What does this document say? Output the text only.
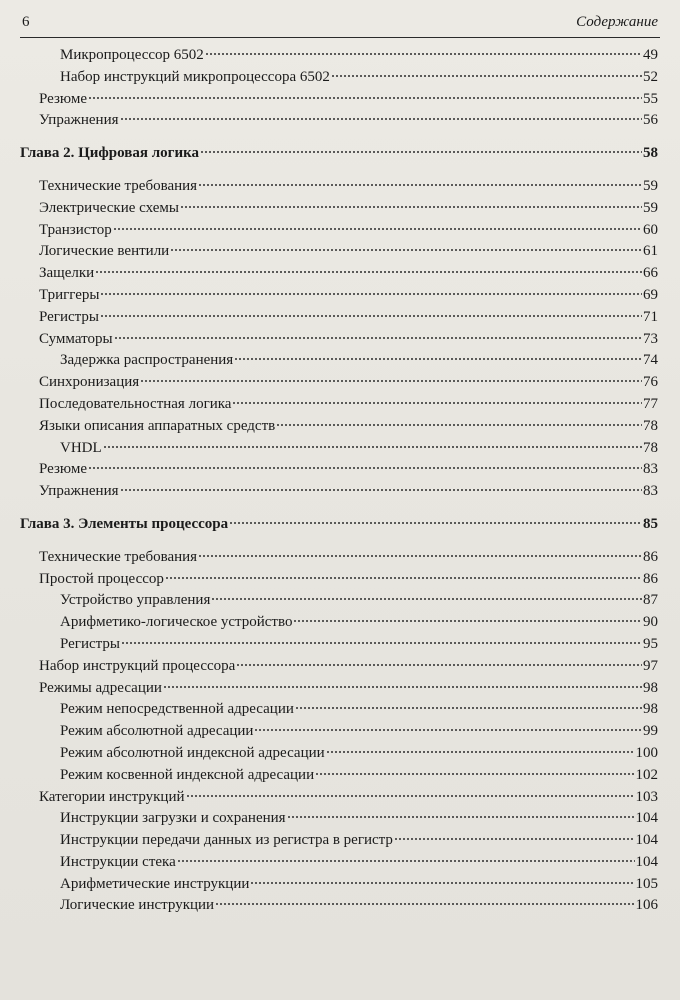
6	Содержание
Микропроцессор 6502	49
Набор инструкций микропроцессора 6502	52
Резюме	55
Упражнения	56
Глава 2. Цифровая логика	58
Технические требования	59
Электрические схемы	59
Транзистор	60
Логические вентили	61
Защелки	66
Триггеры	69
Регистры	71
Сумматоры	73
Задержка распространения	74
Синхронизация	76
Последовательностная логика	77
Языки описания аппаратных средств	78
VHDL	78
Резюме	83
Упражнения	83
Глава 3. Элементы процессора	85
Технические требования	86
Простой процессор	86
Устройство управления	87
Арифметико-логическое устройство	90
Регистры	95
Набор инструкций процессора	97
Режимы адресации	98
Режим непосредственной адресации	98
Режим абсолютной адресации	99
Режим абсолютной индексной адресации	100
Режим косвенной индексной адресации	102
Категории инструкций	103
Инструкции загрузки и сохранения	104
Инструкции передачи данных из регистра в регистр	104
Инструкции стека	104
Арифметические инструкции	105
Логические инструкции	106
